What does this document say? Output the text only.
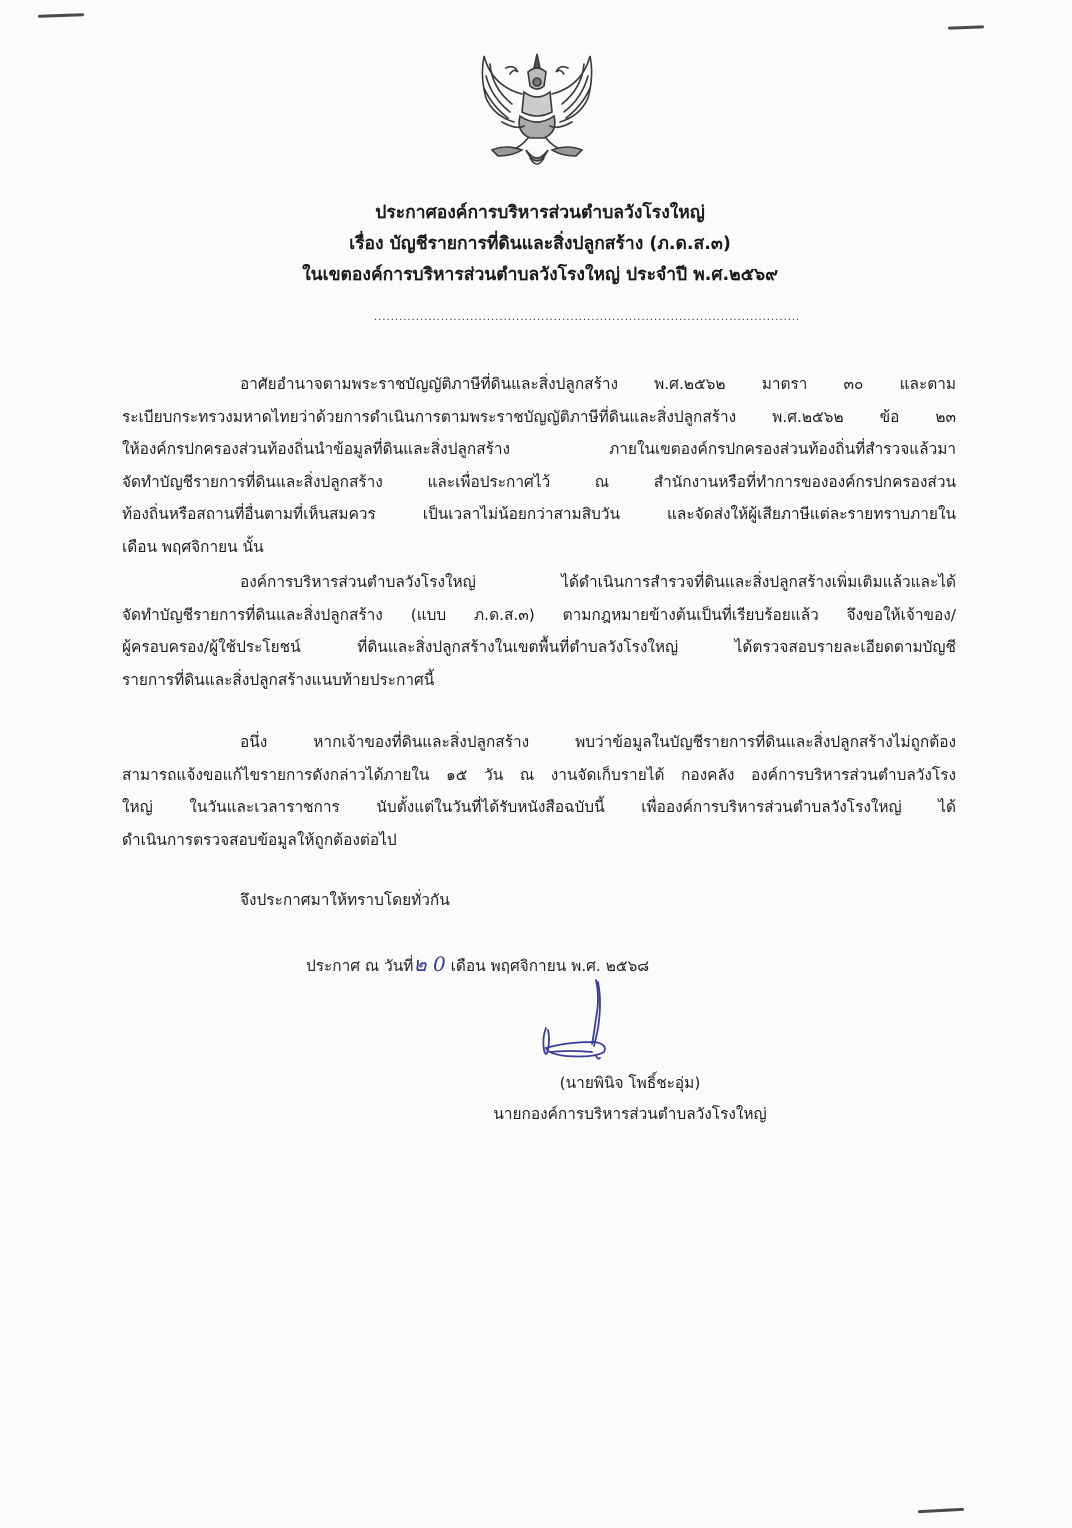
ประกาศองค์การบริหารส่วนตำบลวังโรงใหญ่
เรื่อง บัญชีรายการที่ดินและสิ่งปลูกสร้าง (ภ.ด.ส.๓)
ในเขตองค์การบริหารส่วนตำบลวังโรงใหญ่ ประจำปี พ.ศ.๒๕๖๙
......................................................................................................
อาศัยอำนาจตามพระราชบัญญัติภาษีที่ดินและสิ่งปลูกสร้าง พ.ศ.๒๕๖๒ มาตรา ๓๐ และตาม
ระเบียบกระทรวงมหาดไทยว่าด้วยการดำเนินการตามพระราชบัญญัติภาษีที่ดินและสิ่งปลูกสร้าง พ.ศ.๒๕๖๒ ข้อ ๒๓
ให้องค์กรปกครองส่วนท้องถิ่นนำข้อมูลที่ดินและสิ่งปลูกสร้าง ภายในเขตองค์กรปกครองส่วนท้องถิ่นที่สำรวจแล้วมา
จัดทำบัญชีรายการที่ดินและสิ่งปลูกสร้าง และเพื่อประกาศไว้ ณ สำนักงานหรือที่ทำการขององค์กรปกครองส่วน
ท้องถิ่นหรือสถานที่อื่นตามที่เห็นสมควร เป็นเวลาไม่น้อยกว่าสามสิบวัน และจัดส่งให้ผู้เสียภาษีแต่ละรายทราบภายใน
เดือน พฤศจิกายน นั้น
องค์การบริหารส่วนตำบลวังโรงใหญ่ ได้ดำเนินการสำรวจที่ดินและสิ่งปลูกสร้างเพิ่มเติมแล้วและได้
จัดทำบัญชีรายการที่ดินและสิ่งปลูกสร้าง (แบบ ภ.ด.ส.๓) ตามกฎหมายข้างต้นเป็นที่เรียบร้อยแล้ว จึงขอให้เจ้าของ/
ผู้ครอบครอง/ผู้ใช้ประโยชน์ ที่ดินและสิ่งปลูกสร้างในเขตพื้นที่ตำบลวังโรงใหญ่ ได้ตรวจสอบรายละเอียดตามบัญชี
รายการที่ดินและสิ่งปลูกสร้างแนบท้ายประกาศนี้
อนึ่ง หากเจ้าของที่ดินและสิ่งปลูกสร้าง พบว่าข้อมูลในบัญชีรายการที่ดินและสิ่งปลูกสร้างไม่ถูกต้อง
สามารถแจ้งขอแก้ไขรายการดังกล่าวได้ภายใน ๑๕ วัน ณ งานจัดเก็บรายได้ กองคลัง องค์การบริหารส่วนตำบลวังโรง
ใหญ่ ในวันและเวลาราชการ นับตั้งแต่ในวันที่ได้รับหนังสือฉบับนี้ เพื่อองค์การบริหารส่วนตำบลวังโรงใหญ่ ได้
ดำเนินการตรวจสอบข้อมูลให้ถูกต้องต่อไป
จึงประกาศมาให้ทราบโดยทั่วกัน
ประกาศ ณ วันที่๒ 0 เดือน พฤศจิกายน พ.ศ. ๒๕๖๘
(นายพินิจ โพธิ์ชะอุ่ม)
นายกองค์การบริหารส่วนตำบลวังโรงใหญ่
